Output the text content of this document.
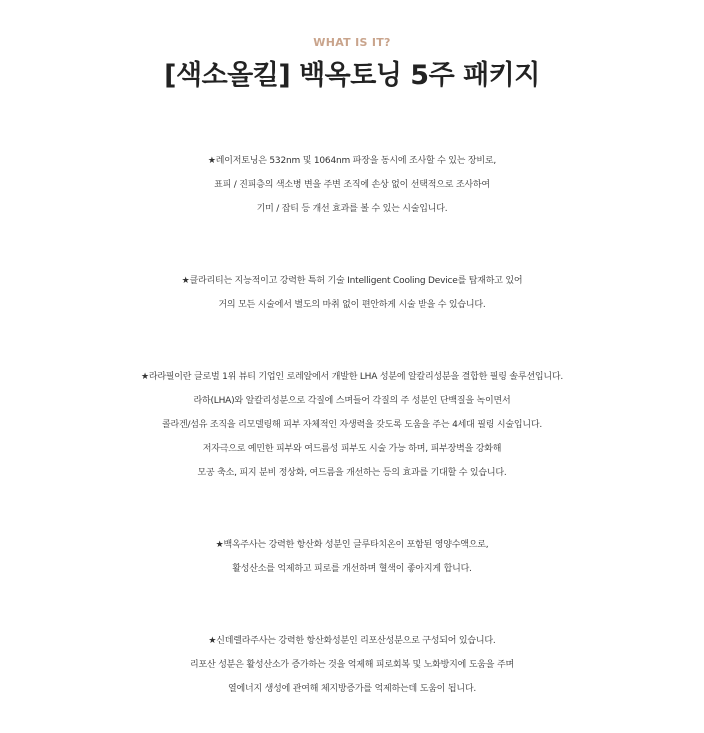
WHAT IS IT?
[색소올킬] 백옥토닝 5주 패키지
★레이저토닝은 532nm 및 1064nm 파장을 동시에 조사할 수 있는 장비로,
표피 / 진피층의 색소병 변을 주변 조직에 손상 없이 선택적으로 조사하여
기미 / 잡티 등 개선 효과를 볼 수 있는 시술입니다.
★클라리티는 지능적이고 강력한 특허 기술 Intelligent Cooling Device를 탑재하고 있어
거의 모든 시술에서 별도의 마취 없이 편안하게 시술 받을 수 있습니다.
★라라필이란 글로벌 1위 뷰티 기업인 로레알에서 개발한 LHA 성분에 알칼리성분을 결합한 필링 솔루션입니다.
라하(LHA)와 알칼리성분으로 각질에 스며들어 각질의 주 성분인 단백질을 녹이면서
콜라겐/섬유 조직을 리모델링해 피부 자체적인 자생력을 갖도록 도움을 주는 4세대 필링 시술입니다.
저자극으로 예민한 피부와 여드름성 피부도 시술 가능 하며, 피부장벽을 강화해
모공 축소, 피지 분비 정상화, 여드름을 개선하는 등의 효과를 기대할 수 있습니다.
★백옥주사는 강력한 항산화 성분인 글루타치온이 포함된 영양수액으로,
활성산소를 억제하고 피로를 개선하며 혈색이 좋아지게 합니다.
★신데렐라주사는 강력한 항산화성분인 리포산성분으로 구성되어 있습니다.
리포산 성분은 활성산소가 증가하는 것을 억제해 피로회복 및 노화방지에 도움을 주며
열에너지 생성에 관여해 체지방증가를 억제하는데 도움이 됩니다.
